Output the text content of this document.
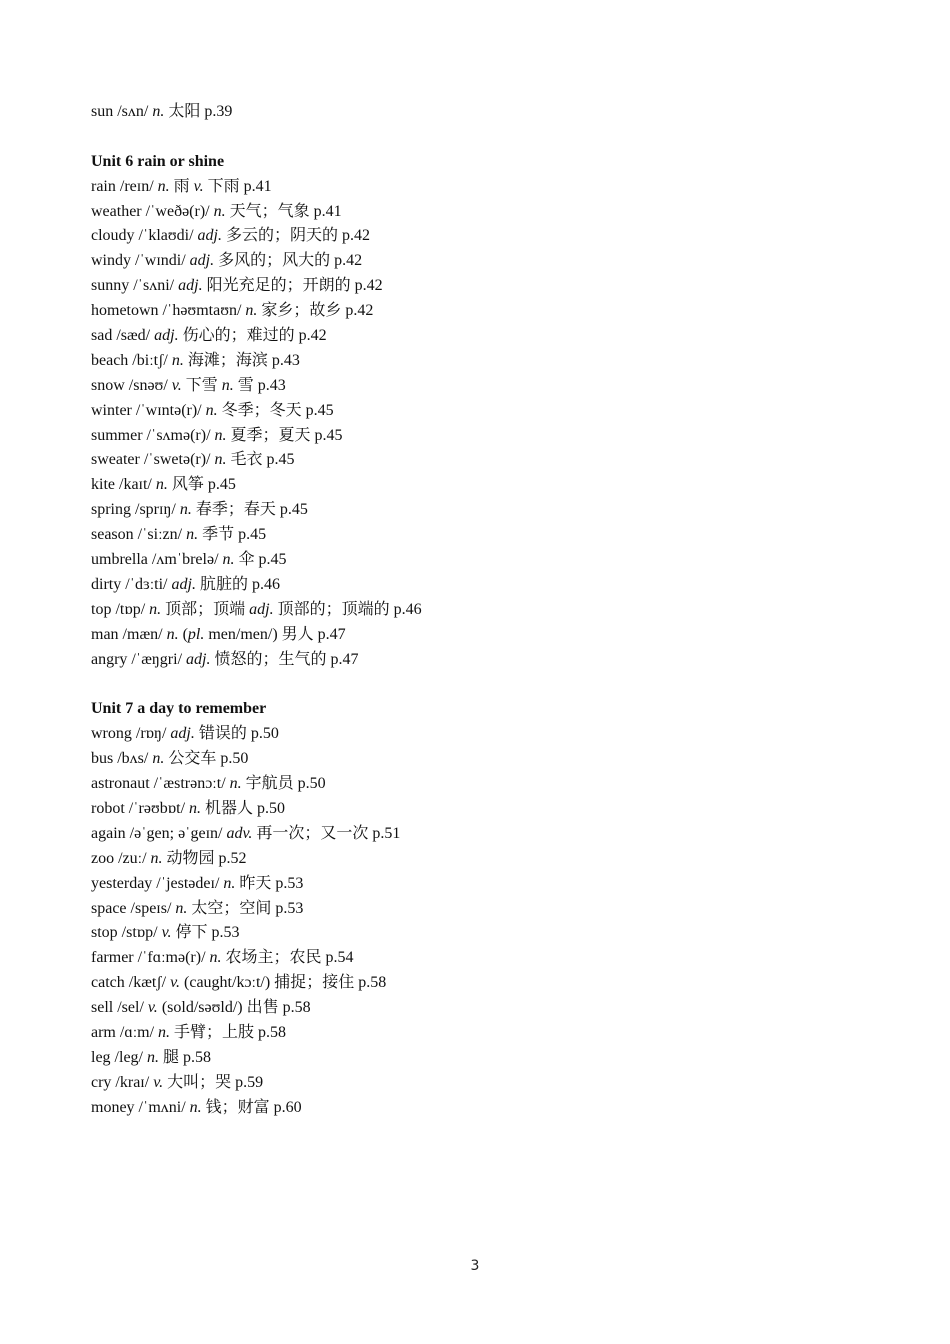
sun /sʌn/ n. 太阳 p.39
Unit 6 rain or shine
rain /reɪn/ n. 雨 v. 下雨 p.41
weather /ˈweðə(r)/ n. 天气；气象 p.41
cloudy /ˈklaʊdi/ adj. 多云的；阴天的 p.42
windy /ˈwɪndi/ adj. 多风的；风大的 p.42
sunny /ˈsʌni/ adj. 阳光充足的；开朗的 p.42
hometown /ˈhəʊmtaʊn/ n. 家乡；故乡 p.42
sad /sæd/ adj. 伤心的；难过的 p.42
beach /biːtʃ/ n. 海滩；海滨 p.43
snow /snəʊ/ v. 下雪 n. 雪 p.43
winter /ˈwɪntə(r)/ n. 冬季；冬天 p.45
summer /ˈsʌmə(r)/ n. 夏季；夏天 p.45
sweater /ˈswetə(r)/ n. 毛衣 p.45
kite /kaɪt/ n. 风筝 p.45
spring /sprɪŋ/ n. 春季；春天 p.45
season /ˈsiːzn/ n. 季节 p.45
umbrella /ʌmˈbrelə/ n. 伞 p.45
dirty /ˈdɜːti/ adj. 肮脏的 p.46
top /tɒp/ n. 顶部；顶端 adj. 顶部的；顶端的 p.46
man /mæn/ n. (pl. men/men/) 男人 p.47
angry /ˈæŋgri/ adj. 愤怒的；生气的 p.47
Unit 7 a day to remember
wrong /rɒŋ/ adj. 错误的 p.50
bus /bʌs/ n. 公交车 p.50
astronaut /ˈæstrənɔːt/ n. 宇航员 p.50
robot /ˈrəʊbɒt/ n. 机器人 p.50
again /əˈgen; əˈgeɪn/ adv. 再一次；又一次 p.51
zoo /zuː/ n. 动物园 p.52
yesterday /ˈjestədeɪ/ n. 昨天 p.53
space /speɪs/ n. 太空；空间 p.53
stop /stɒp/ v. 停下 p.53
farmer /ˈfɑːmə(r)/ n. 农场主；农民 p.54
catch /kætʃ/ v. (caught/kɔːt/) 捕捉；接住 p.58
sell /sel/ v. (sold/səʊld/) 出售 p.58
arm /ɑːm/ n. 手臂；上肢 p.58
leg /leg/ n. 腿 p.58
cry /kraɪ/ v. 大叫；哭 p.59
money /ˈmʌni/ n. 钱；财富 p.60
3
